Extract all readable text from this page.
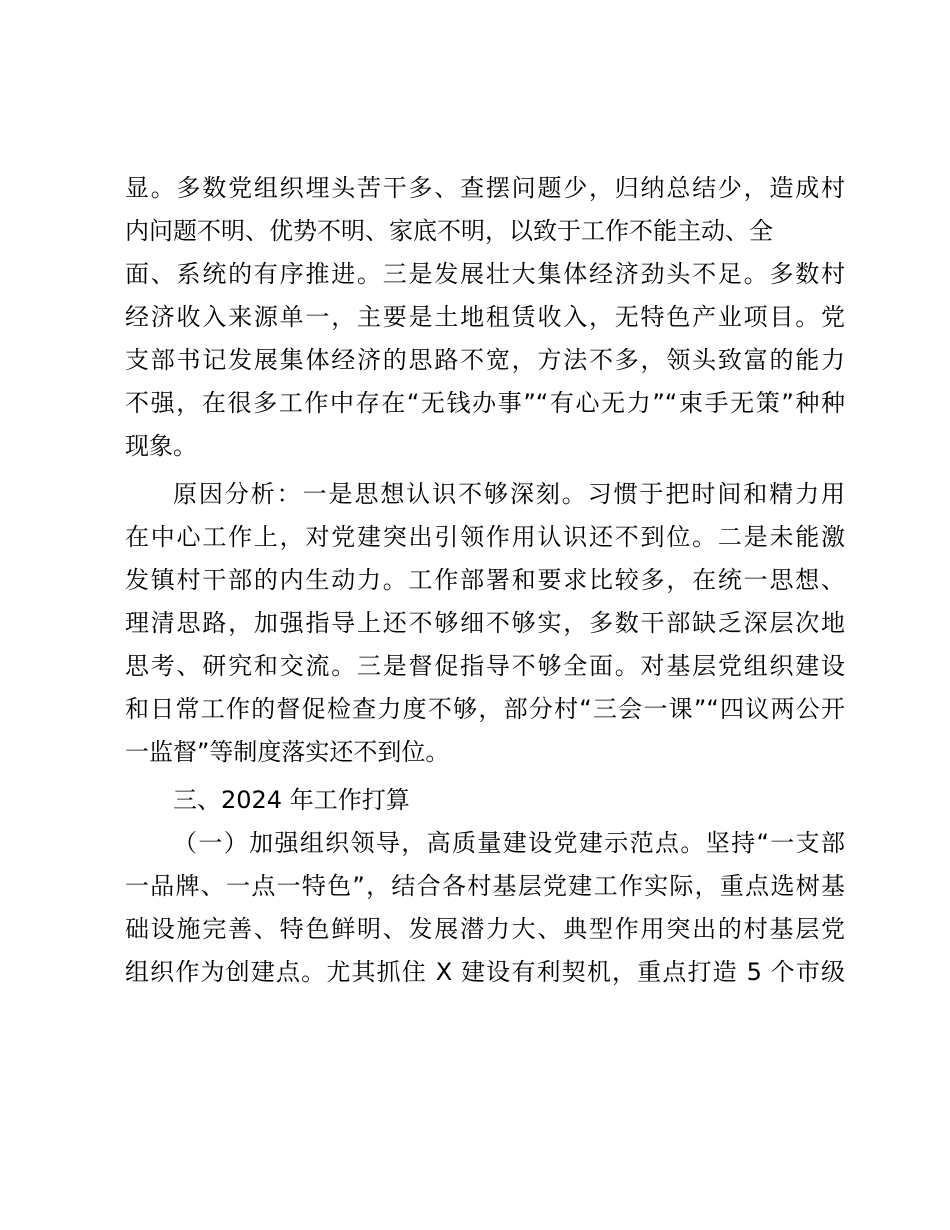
显。多数党组织埋头苦干多、查摆问题少，归纳总结少，造成村
内问题不明、优势不明、家底不明，以致于工作不能主动、全
面、系统的有序推进。三是发展壮大集体经济劲头不足。多数村
经济收入来源单一，主要是土地租赁收入，无特色产业项目。党
支部书记发展集体经济的思路不宽，方法不多，领头致富的能力
不强，在很多工作中存在“无钱办事”“有心无力”“束手无策”种种
现象。
原因分析：一是思想认识不够深刻。习惯于把时间和精力用
在中心工作上，对党建突出引领作用认识还不到位。二是未能激
发镇村干部的内生动力。工作部署和要求比较多，在统一思想、
理清思路，加强指导上还不够细不够实，多数干部缺乏深层次地
思考、研究和交流。三是督促指导不够全面。对基层党组织建设
和日常工作的督促检查力度不够，部分村“三会一课”“四议两公开
一监督”等制度落实还不到位。
三、2024 年工作打算
（一）加强组织领导，高质量建设党建示范点。坚持“一支部
一品牌、一点一特色”，结合各村基层党建工作实际，重点选树基
础设施完善、特色鲜明、发展潜力大、典型作用突出的村基层党
组织作为创建点。尤其抓住 X 建设有利契机，重点打造 5 个市级
